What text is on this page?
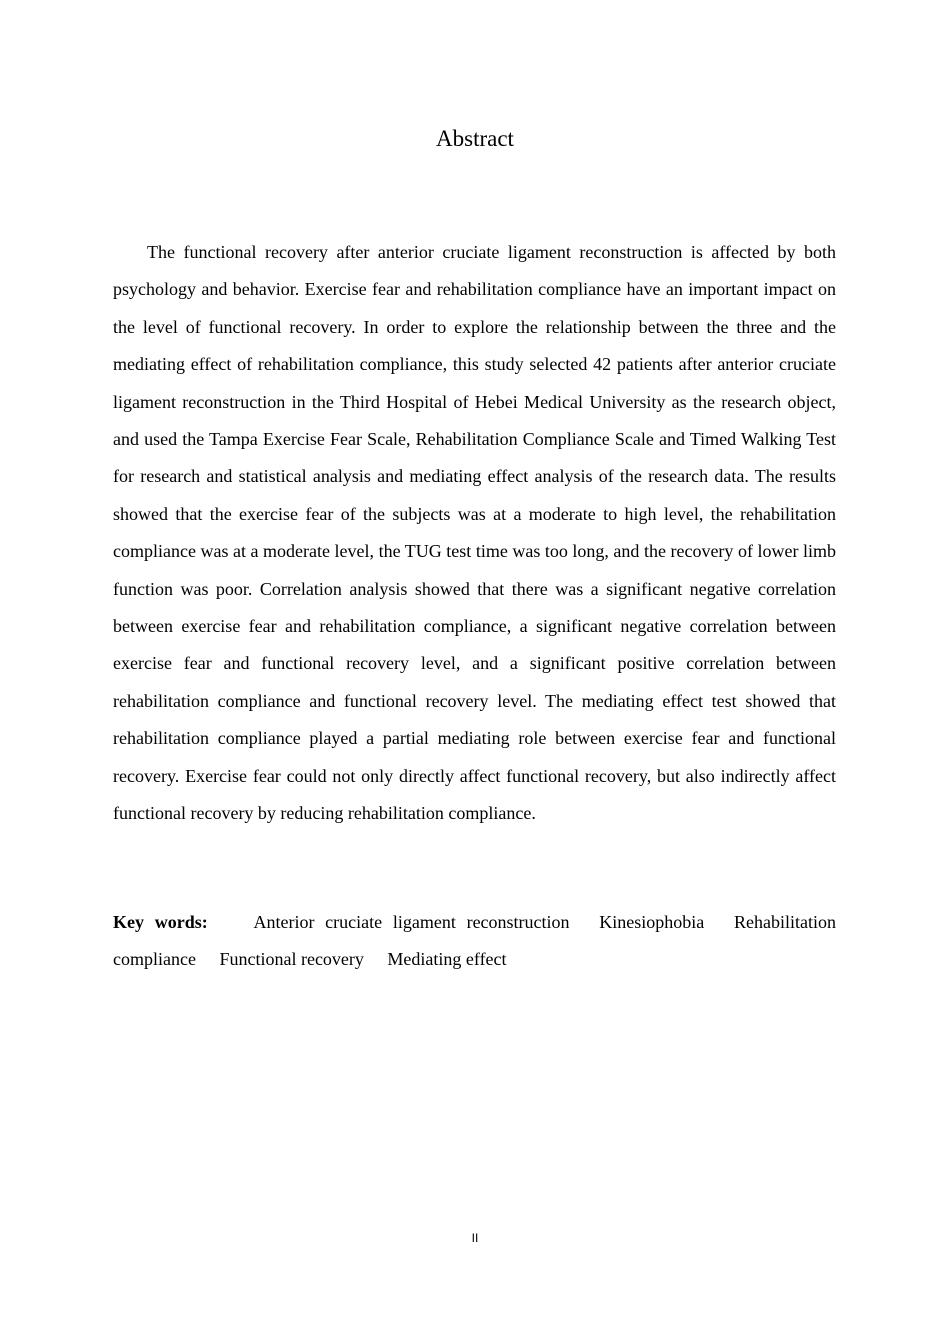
Abstract

The functional recovery after anterior cruciate ligament reconstruction is affected by both psychology and behavior. Exercise fear and rehabilitation compliance have an important impact on the level of functional recovery. In order to explore the relationship between the three and the mediating effect of rehabilitation compliance, this study selected 42 patients after anterior cruciate ligament reconstruction in the Third Hospital of Hebei Medical University as the research object, and used the Tampa Exercise Fear Scale, Rehabilitation Compliance Scale and Timed Walking Test for research and statistical analysis and mediating effect analysis of the research data. The results showed that the exercise fear of the subjects was at a moderate to high level, the rehabilitation compliance was at a moderate level, the TUG test time was too long, and the recovery of lower limb function was poor. Correlation analysis showed that there was a significant negative correlation between exercise fear and rehabilitation compliance, a significant negative correlation between exercise fear and functional recovery level, and a significant positive correlation between rehabilitation compliance and functional recovery level. The mediating effect test showed that rehabilitation compliance played a partial mediating role between exercise fear and functional recovery. Exercise fear could not only directly affect functional recovery, but also indirectly affect functional recovery by reducing rehabilitation compliance.

Key words:	Anterior cruciate ligament reconstruction Kinesiophobia Rehabilitation compliance Functional recovery Mediating effect

II
